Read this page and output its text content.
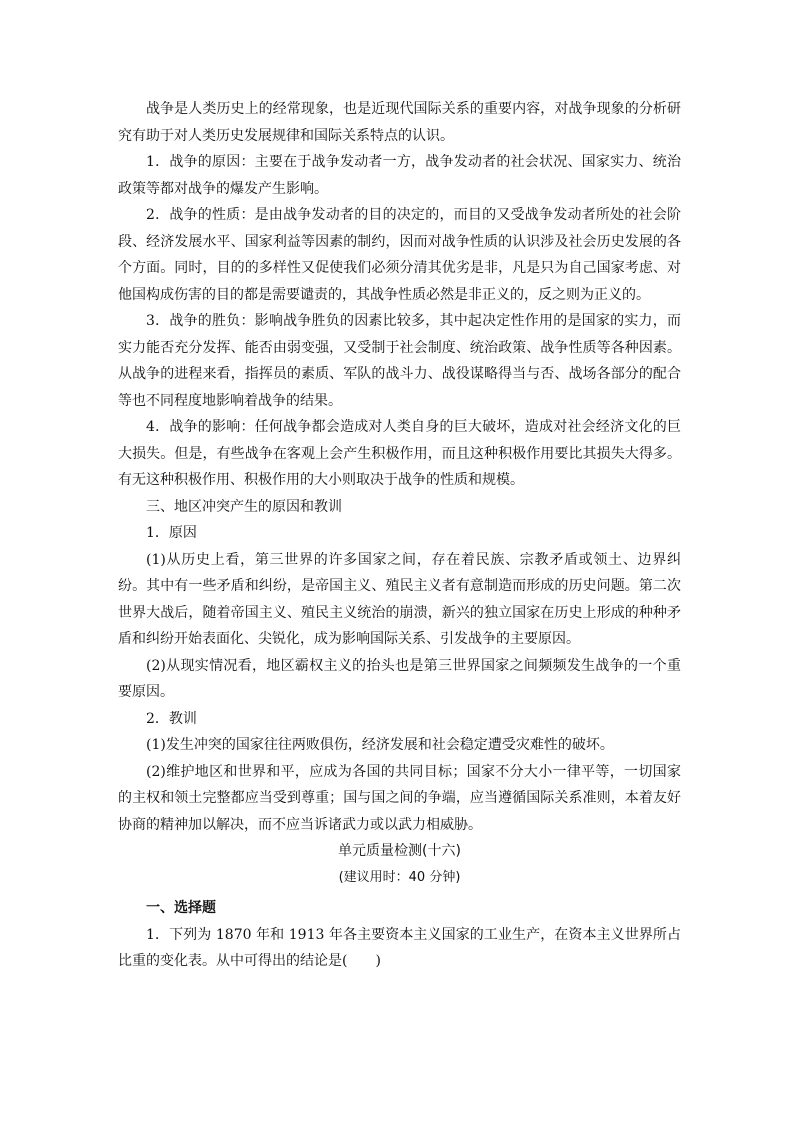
战争是人类历史上的经常现象，也是近现代国际关系的重要内容，对战争现象的分析研究有助于对人类历史发展规律和国际关系特点的认识。

1．战争的原因：主要在于战争发动者一方，战争发动者的社会状况、国家实力、统治政策等都对战争的爆发产生影响。

2．战争的性质：是由战争发动者的目的决定的，而目的又受战争发动者所处的社会阶段、经济发展水平、国家利益等因素的制约，因而对战争性质的认识涉及社会历史发展的各个方面。同时，目的的多样性又促使我们必须分清其优劣是非，凡是只为自己国家考虑、对他国构成伤害的目的都是需要谴责的，其战争性质必然是非正义的，反之则为正义的。

3．战争的胜负：影响战争胜负的因素比较多，其中起决定性作用的是国家的实力，而实力能否充分发挥、能否由弱变强，又受制于社会制度、统治政策、战争性质等各种因素。从战争的进程来看，指挥员的素质、军队的战斗力、战役谋略得当与否、战场各部分的配合等也不同程度地影响着战争的结果。

4．战争的影响：任何战争都会造成对人类自身的巨大破坏，造成对社会经济文化的巨大损失。但是，有些战争在客观上会产生积极作用，而且这种积极作用要比其损失大得多。有无这种积极作用、积极作用的大小则取决于战争的性质和规模。

三、地区冲突产生的原因和教训

1．原因

(1)从历史上看，第三世界的许多国家之间，存在着民族、宗教矛盾或领土、边界纠纷。其中有一些矛盾和纠纷，是帝国主义、殖民主义者有意制造而形成的历史问题。第二次世界大战后，随着帝国主义、殖民主义统治的崩溃，新兴的独立国家在历史上形成的种种矛盾和纠纷开始表面化、尖锐化，成为影响国际关系、引发战争的主要原因。

(2)从现实情况看，地区霸权主义的抬头也是第三世界国家之间频频发生战争的一个重要原因。

2．教训

(1)发生冲突的国家往往两败俱伤，经济发展和社会稳定遭受灾难性的破坏。

(2)维护地区和世界和平，应成为各国的共同目标；国家不分大小一律平等，一切国家的主权和领土完整都应当受到尊重；国与国之间的争端，应当遵循国际关系准则，本着友好协商的精神加以解决，而不应当诉诸武力或以武力相威胁。

单元质量检测(十六)

(建议用时：40 分钟)

一、选择题

1．下列为 1870 年和 1913 年各主要资本主义国家的工业生产，在资本主义世界所占比重的变化表。从中可得出的结论是(　　)
